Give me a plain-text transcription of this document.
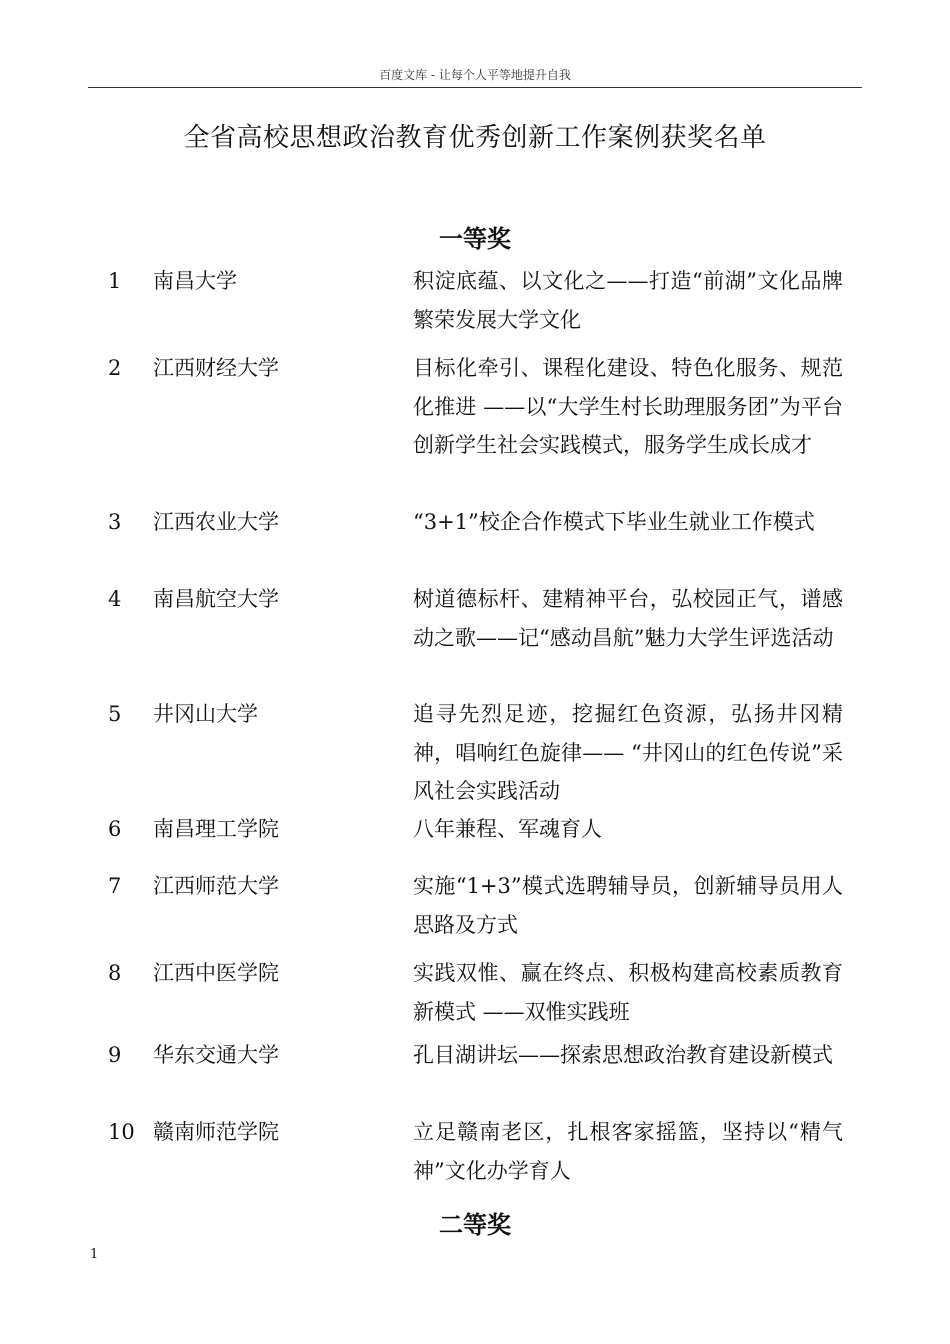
百度文库 - 让每个人平等地提升自我
全省高校思想政治教育优秀创新工作案例获奖名单
一等奖
1 南昌大学	积淀底蕴、以文化之——打造“前湖”文化品牌 繁荣发展大学文化
2 江西财经大学	目标化牵引、课程化建设、特色化服务、规范化推进 ——以“大学生村长助理服务团”为平台 创新学生社会实践模式，服务学生成长成才
3 江西农业大学	“3+1”校企合作模式下毕业生就业工作模式
4 南昌航空大学	树道德标杆、建精神平台，弘校园正气，谱感动之歌——记“感动昌航”魅力大学生评选活动
5 井冈山大学	追寻先烈足迹，挖掘红色资源，弘扬井冈精神，唱响红色旋律—— “井冈山的红色传说”采风社会实践活动
6 南昌理工学院	八年兼程、军魂育人
7 江西师范大学	实施“1+3”模式选聘辅导员，创新辅导员用人思路及方式
8 江西中医学院	实践双惟、赢在终点、积极构建高校素质教育新模式 ——双惟实践班
9 华东交通大学	孔目湖讲坛——探索思想政治教育建设新模式
10 赣南师范学院	立足赣南老区，扎根客家摇篮，坚持以“精气神”文化办学育人
二等奖
1
